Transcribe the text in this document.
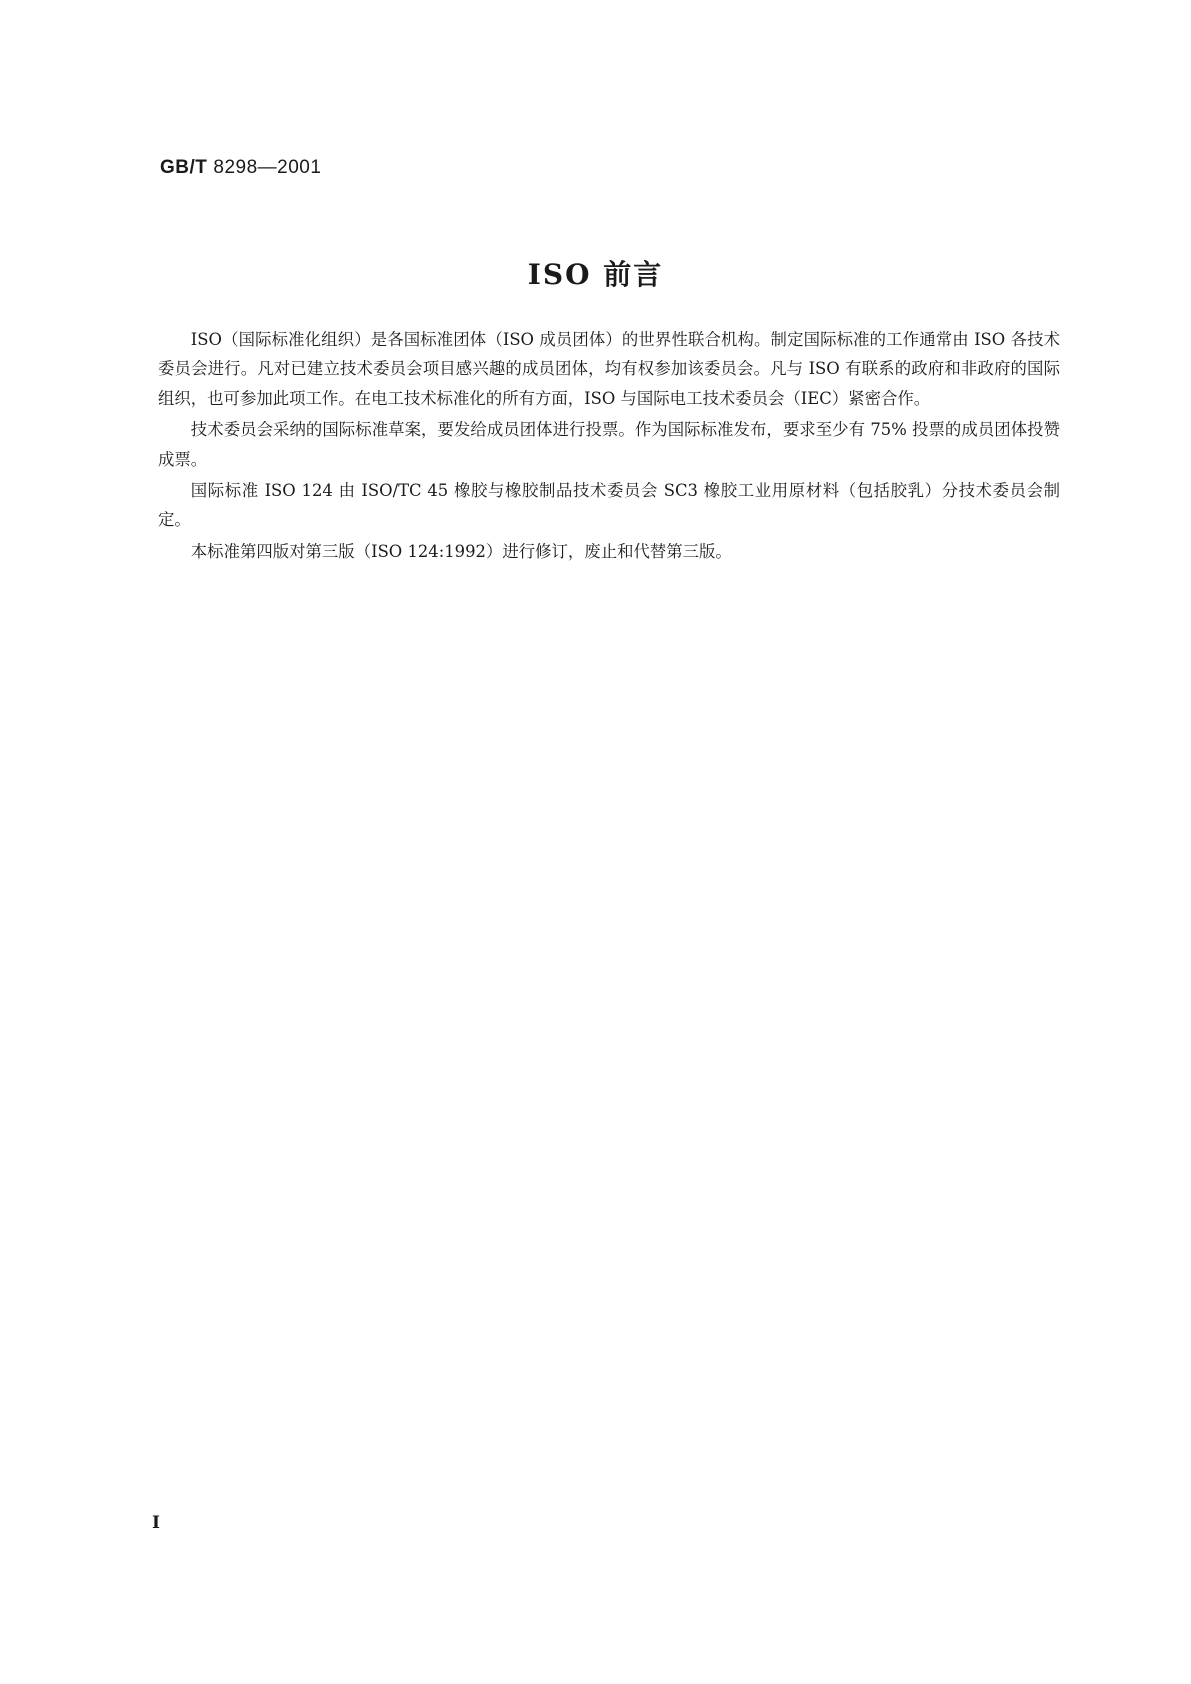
GB/T 8298—2001
ISO 前言

ISO（国际标准化组织）是各国标准团体（ISO 成员团体）的世界性联合机构。制定国际标准的工作通常由 ISO 各技术委员会进行。凡对已建立技术委员会项目感兴趣的成员团体，均有权参加该委员会。凡与 ISO 有联系的政府和非政府的国际组织，也可参加此项工作。在电工技术标准化的所有方面，ISO 与国际电工技术委员会（IEC）紧密合作。

技术委员会采纳的国际标准草案，要发给成员团体进行投票。作为国际标准发布，要求至少有 75% 投票的成员团体投赞成票。

国际标准 ISO 124 由 ISO/TC 45 橡胶与橡胶制品技术委员会 SC3 橡胶工业用原材料（包括胶乳）分技术委员会制定。

本标准第四版对第三版（ISO 124:1992）进行修订，废止和代替第三版。

I
